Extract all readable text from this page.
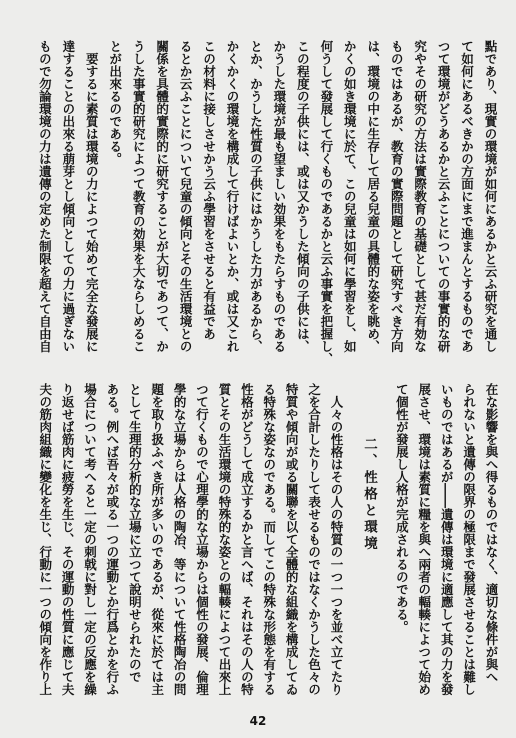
點であり、現實の環境が如何にあるかと云ふ研究を通し
て如何にあるべきかの方面にまで進まんとするものであ
つて環境がどうあるかと云ふことについての事實的な研
究やその研究の方法は實際教育の基礎として甚だ有効な
ものではあるが、教育の實際問題として研究すべき方向
は、環境の中に生存して居る兒童の具體的な姿を眺め、
かくの如き環境に於て、この兒童は如何に學習をし、如
何うして發展して行くものであるかと云ふ事實を把握し、
この程度の子供には、或は又かうした傾向の子供には、
かうした環境が最も望ましい効果をもたらすものである
とか、かうした性質の子供にはかうした力があるから、
かくかくの環境を構成して行けばよいとか、或は又これ
この材料に接しさせかう云ふ學習をさせると有益であ
るとか云ふことについて兒童の傾向とその生活環境との
關係を具體的實際的に研究することが大切であつて、か
うした事實的研究によつて教育の効果を大ならしめるこ
とが出來るのである。
　要するに素質は環境の力によつて始めて完全な發展に
達することの出來る萠芽とし傾向としての力に過ぎない
もので勿論環境の力は遺傳の定めた制限を超えて自由自
在な影響を與へ得るものではなく、適切な條件が與へ
られないと遺傳の限界の極限まで發展させることは難し
いものではあるが――遺傳は環境に適應して其の力を發
展させ、環境は素質に糧を與へ兩者の輻輳によつて始め
て個性が發展し人格が完成されるのである。
二、性格と環境
　人々の性格はその人の特質の一つ一つを並べ立てたり
之を合計したりして表せるものではなくかうした色々の
特質や傾向が或る關聯を以て全體的な組織を構成してゐ
る特殊な姿なのである。而してこの特殊な形態を有する
性格がどうして成立するかと言へば、それはその人の特
質とその生活環境の特殊的な姿との輻輳によつて出來上
つて行くもので心理學的な立場からは個性の發展、倫理
學的な立場からは人格の陶冶、等について性格陶冶の問
題を取り扱ふべき所が多いのであるが、從來に於ては主
として生理的分析的な立場に立つて說明せられたので
ある。例へば吾々が或る一つの運動とか行爲とかを行ふ
場合について考へると一定の刺戟に對し一定の反應を繰
り返せば筋肉に疲勞を生じ、その運動の性質に應じて夫
夫の筋肉組織に變化を生じ、行動に一つの傾向を作り上
42
